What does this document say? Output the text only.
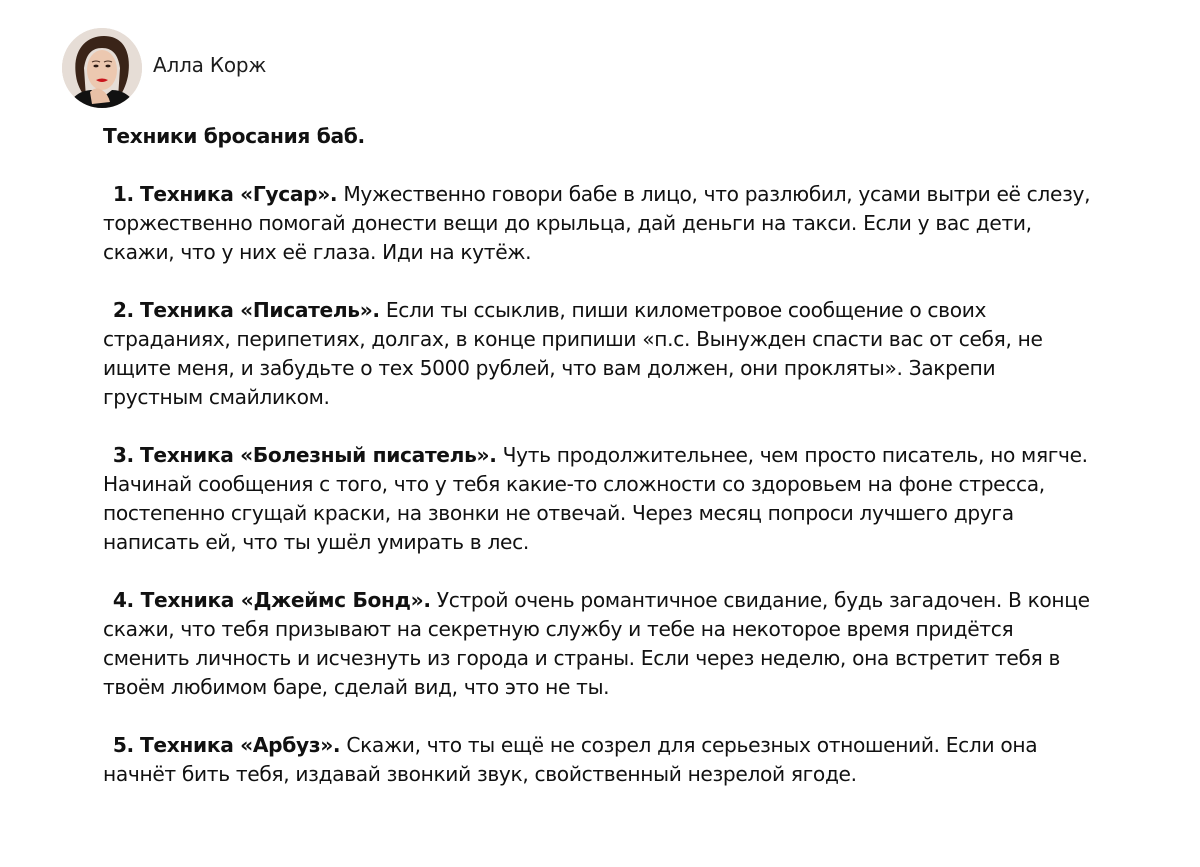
Алла Корж

Техники бросания баб.

1. Техника «Гусар». Мужественно говори бабе в лицо, что разлюбил, усами вытри её слезу, торжественно помогай донести вещи до крыльца, дай деньги на такси. Если у вас дети, скажи, что у них её глаза. Иди на кутёж.

2. Техника «Писатель». Если ты ссыклив, пиши километровое сообщение о своих страданиях, перипетиях, долгах, в конце припиши «п.с. Вынужден спасти вас от себя, не ищите меня, и забудьте о тех 5000 рублей, что вам должен, они прокляты». Закрепи грустным смайликом.

3. Техника «Болезный писатель». Чуть продолжительнее, чем просто писатель, но мягче. Начинай сообщения с того, что у тебя какие-то сложности со здоровьем на фоне стресса, постепенно сгущай краски, на звонки не отвечай. Через месяц попроси лучшего друга написать ей, что ты ушёл умирать в лес.

4. Техника «Джеймс Бонд». Устрой очень романтичное свидание, будь загадочен. В конце скажи, что тебя призывают на секретную службу и тебе на некоторое время придётся сменить личность и исчезнуть из города и страны. Если через неделю, она встретит тебя в твоём любимом баре, сделай вид, что это не ты.

5. Техника «Арбуз». Скажи, что ты ещё не созрел для серьезных отношений. Если она начнёт бить тебя, издавай звонкий звук, свойственный незрелой ягоде.
